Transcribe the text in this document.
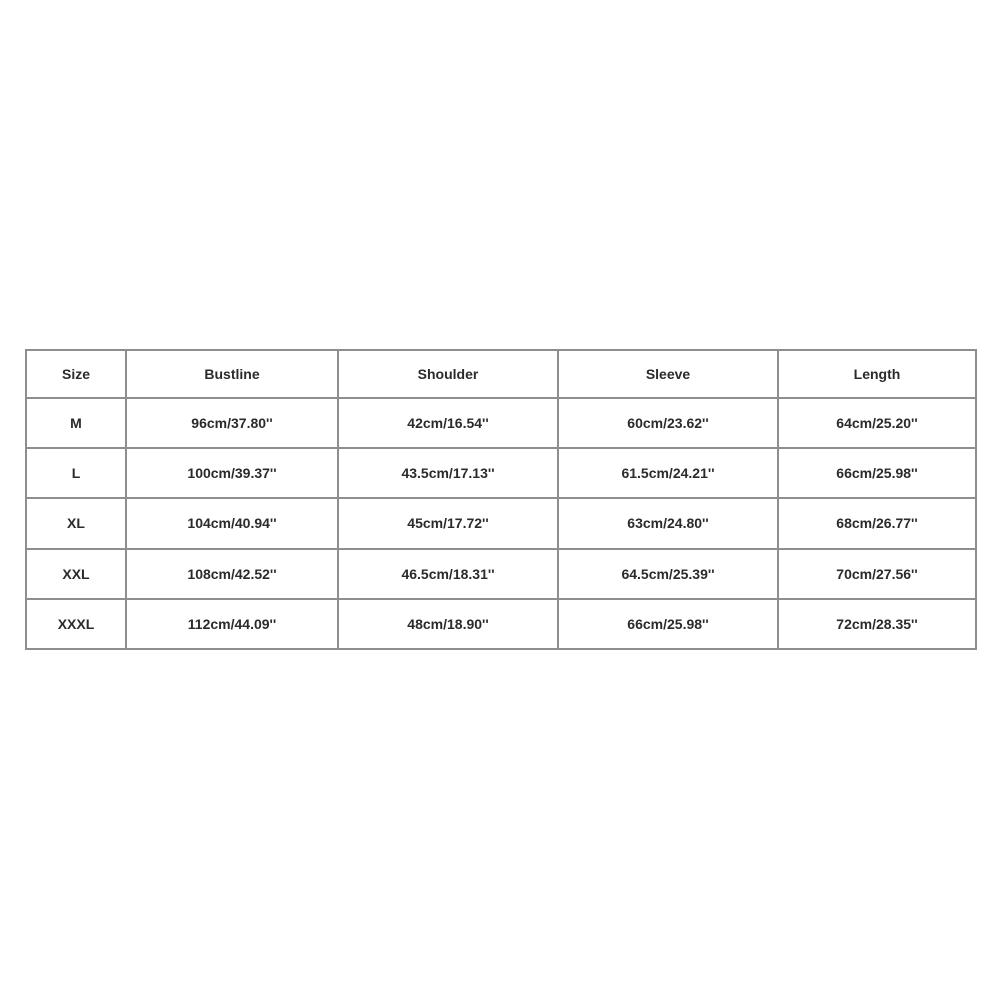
Size	Bustline	Shoulder	Sleeve	Length
M	96cm/37.80''	42cm/16.54''	60cm/23.62''	64cm/25.20''
L	100cm/39.37''	43.5cm/17.13''	61.5cm/24.21''	66cm/25.98''
XL	104cm/40.94''	45cm/17.72''	63cm/24.80''	68cm/26.77''
XXL	108cm/42.52''	46.5cm/18.31''	64.5cm/25.39''	70cm/27.56''
XXXL	112cm/44.09''	48cm/18.90''	66cm/25.98''	72cm/28.35''
